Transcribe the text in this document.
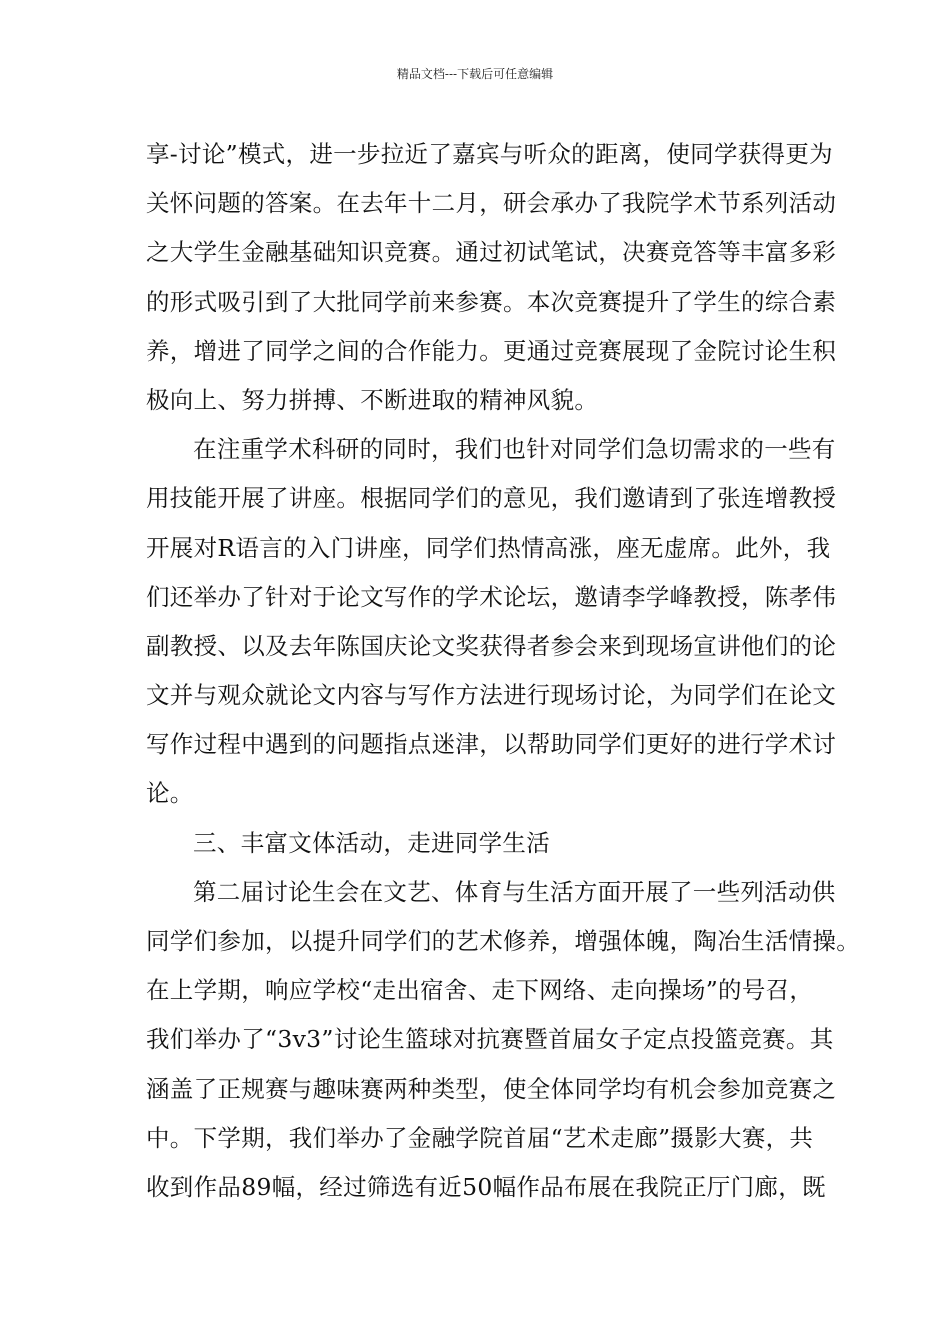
精品文档---下载后可任意编辑
享-讨论”模式，进一步拉近了嘉宾与听众的距离，使同学获得更为
关怀问题的答案。在去年十二月，研会承办了我院学术节系列活动
之大学生金融基础知识竞赛。通过初试笔试，决赛竞答等丰富多彩
的形式吸引到了大批同学前来参赛。本次竞赛提升了学生的综合素
养，增进了同学之间的合作能力。更通过竞赛展现了金院讨论生积
极向上、努力拼搏、不断进取的精神风貌。
在注重学术科研的同时，我们也针对同学们急切需求的一些有
用技能开展了讲座。根据同学们的意见，我们邀请到了张连增教授
开展对R语言的入门讲座，同学们热情高涨，座无虚席。此外，我
们还举办了针对于论文写作的学术论坛，邀请李学峰教授，陈孝伟
副教授、以及去年陈国庆论文奖获得者参会来到现场宣讲他们的论
文并与观众就论文内容与写作方法进行现场讨论，为同学们在论文
写作过程中遇到的问题指点迷津，以帮助同学们更好的进行学术讨
论。
三、丰富文体活动，走进同学生活
第二届讨论生会在文艺、体育与生活方面开展了一些列活动供
同学们参加，以提升同学们的艺术修养，增强体魄，陶冶生活情操。
在上学期，响应学校“走出宿舍、走下网络、走向操场”的号召，
我们举办了“3v3”讨论生篮球对抗赛暨首届女子定点投篮竞赛。其
涵盖了正规赛与趣味赛两种类型，使全体同学均有机会参加竞赛之
中。下学期，我们举办了金融学院首届“艺术走廊”摄影大赛，共
收到作品89幅，经过筛选有近50幅作品布展在我院正厅门廊，既
